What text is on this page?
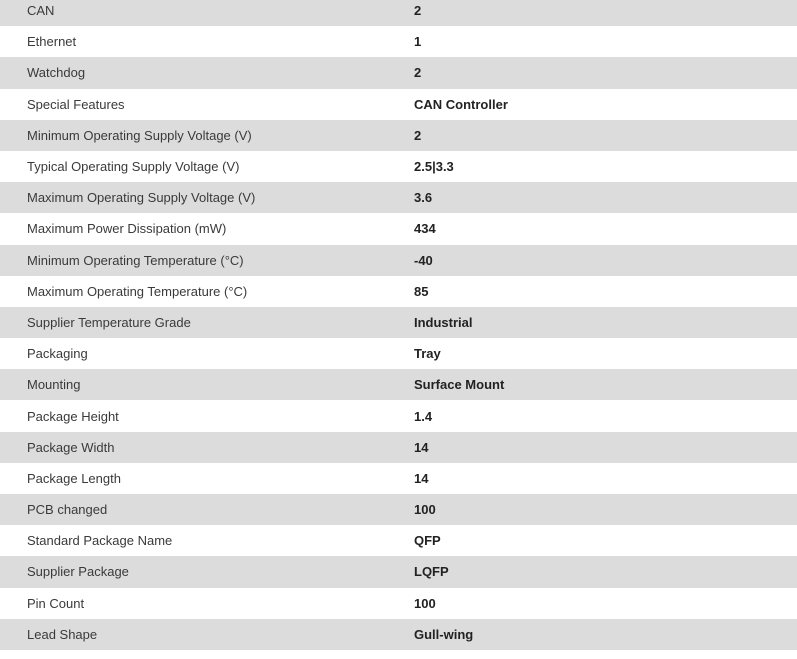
CAN	2
Ethernet	1
Watchdog	2
Special Features	CAN Controller
Minimum Operating Supply Voltage (V)	2
Typical Operating Supply Voltage (V)	2.5|3.3
Maximum Operating Supply Voltage (V)	3.6
Maximum Power Dissipation (mW)	434
Minimum Operating Temperature (°C)	-40
Maximum Operating Temperature (°C)	85
Supplier Temperature Grade	Industrial
Packaging	Tray
Mounting	Surface Mount
Package Height	1.4
Package Width	14
Package Length	14
PCB changed	100
Standard Package Name	QFP
Supplier Package	LQFP
Pin Count	100
Lead Shape	Gull-wing
